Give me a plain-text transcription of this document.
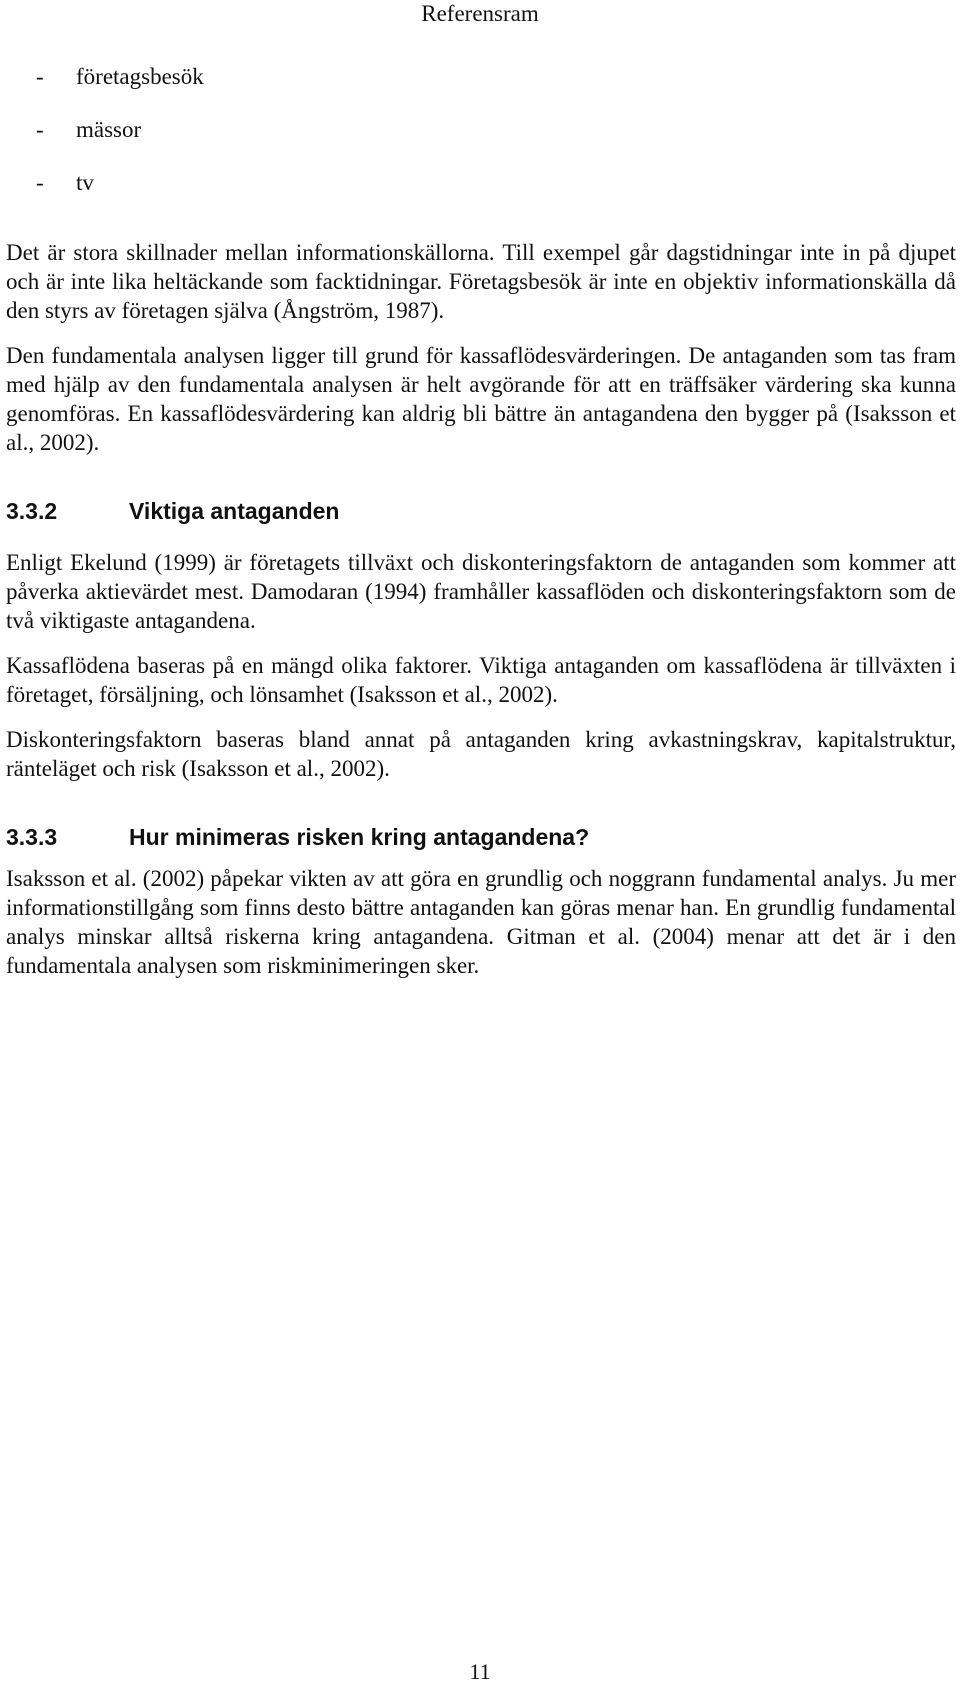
Referensram
-	företagsbesök
-	mässor
-	tv

Det är stora skillnader mellan informationskällorna. Till exempel går dagstidningar inte in på djupet och är inte lika heltäckande som facktidningar. Företagsbesök är inte en objektiv informationskälla då den styrs av företagen själva (Ångström, 1987).

Den fundamentala analysen ligger till grund för kassaflödesvärderingen. De antaganden som tas fram med hjälp av den fundamentala analysen är helt avgörande för att en träffsäker värdering ska kunna genomföras. En kassaflödesvärdering kan aldrig bli bättre än antagandena den bygger på (Isaksson et al., 2002).

3.3.2	Viktiga antaganden

Enligt Ekelund (1999) är företagets tillväxt och diskonteringsfaktorn de antaganden som kommer att påverka aktievärdet mest. Damodaran (1994) framhåller kassaflöden och diskonteringsfaktorn som de två viktigaste antagandena.

Kassaflödena baseras på en mängd olika faktorer. Viktiga antaganden om kassaflödena är tillväxten i företaget, försäljning, och lönsamhet (Isaksson et al., 2002).

Diskonteringsfaktorn baseras bland annat på antaganden kring avkastningskrav, kapitalstruktur, ränteläget och risk (Isaksson et al., 2002).

3.3.3	Hur minimeras risken kring antagandena?

Isaksson et al. (2002) påpekar vikten av att göra en grundlig och noggrann fundamental analys. Ju mer informationstillgång som finns desto bättre antaganden kan göras menar han. En grundlig fundamental analys minskar alltså riskerna kring antagandena. Gitman et al. (2004) menar att det är i den fundamentala analysen som riskminimeringen sker.

11
